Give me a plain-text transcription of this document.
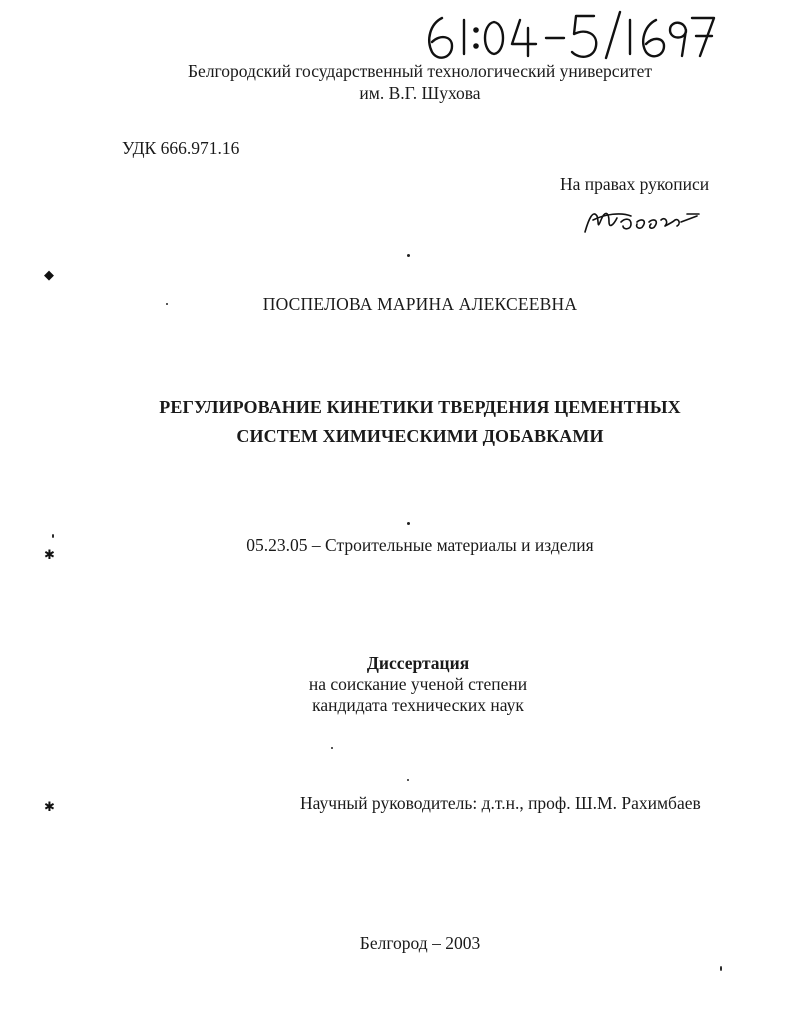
Белгородский государственный технологический университет
им. В.Г. Шухова
УДК 666.971.16
На правах рукописи
ПОСПЕЛОВА МАРИНА АЛЕКСЕЕВНА
РЕГУЛИРОВАНИЕ КИНЕТИКИ ТВЕРДЕНИЯ ЦЕМЕНТНЫХ
СИСТЕМ ХИМИЧЕСКИМИ ДОБАВКАМИ
05.23.05 – Строительные материалы и изделия
Диссертация
на соискание ученой степени
кандидата технических наук
Научный руководитель: д.т.н., проф. Ш.М. Рахимбаев
Белгород – 2003
◆
✱
✱
